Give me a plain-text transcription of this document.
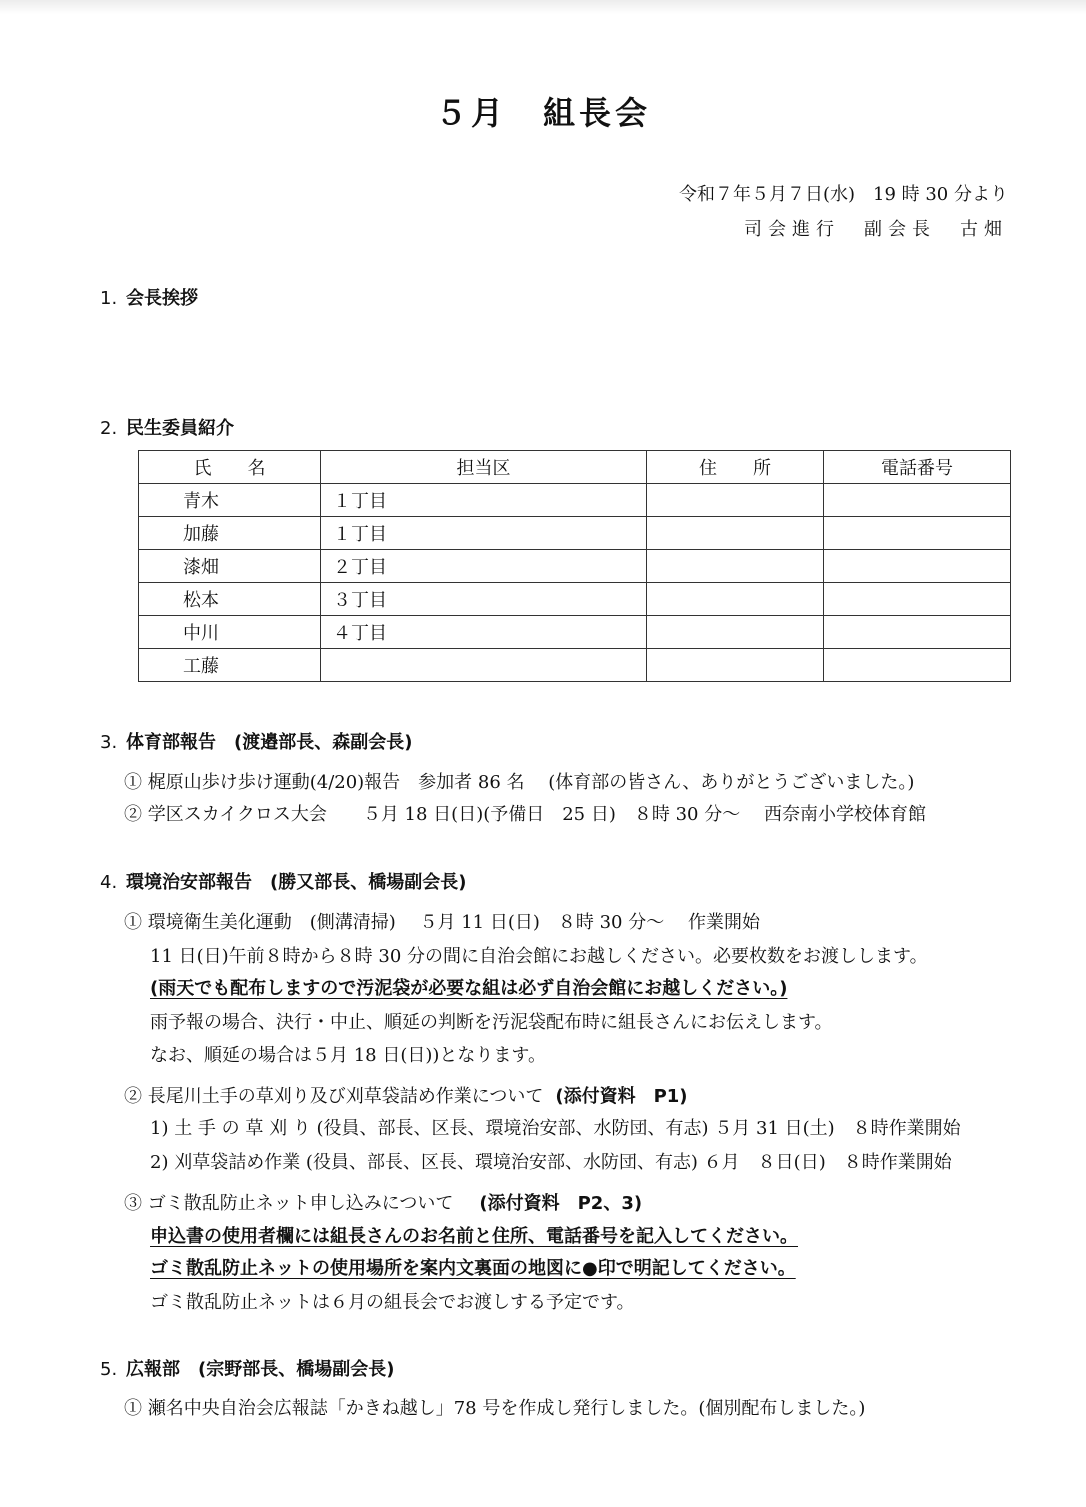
５月　組長会
令和７年５月７日(水)　19 時 30 分より
司会進行　副会長　古畑
1. 会長挨拶
2. 民生委員紹介
氏　　名	担当区	住　　所	電話番号
青木	１丁目		
加藤	１丁目		
漆畑	２丁目		
松本	３丁目		
中川	４丁目		
工藤			
3. 体育部報告　(渡邉部長、森副会長)
① 梶原山歩け歩け運動(4/20)報告　参加者 86 名　 (体育部の皆さん、ありがとうございました。)
② 学区スカイクロス大会　　５月 18 日(日)(予備日　25 日)　８時 30 分～　 西奈南小学校体育館
4. 環境治安部報告　(勝又部長、橋場副会長)
① 環境衛生美化運動　(側溝清掃)　 ５月 11 日(日)　８時 30 分～　 作業開始
11 日(日)午前８時から８時 30 分の間に自治会館にお越しください。必要枚数をお渡しします。
(雨天でも配布しますので汚泥袋が必要な組は必ず自治会館にお越しください。)
雨予報の場合、決行・中止、順延の判断を汚泥袋配布時に組長さんにお伝えします。
なお、順延の場合は５月 18 日(日))となります。
② 長尾川土手の草刈り及び刈草袋詰め作業について (添付資料　P1)
1) 土 手 の 草 刈 り (役員、部長、区長、環境治安部、水防団、有志) ５月 31 日(土)　８時作業開始
2) 刈草袋詰め作業 (役員、部長、区長、環境治安部、水防団、有志) ６月　８日(日)　８時作業開始
③ ゴミ散乱防止ネット申し込みについて (添付資料　P2、3)
申込書の使用者欄には組長さんのお名前と住所、電話番号を記入してください。
ゴミ散乱防止ネットの使用場所を案内文裏面の地図に●印で明記してください。
ゴミ散乱防止ネットは６月の組長会でお渡しする予定です。
5. 広報部　(宗野部長、橋場副会長)
① 瀬名中央自治会広報誌「かきね越し」78 号を作成し発行しました。(個別配布しました。)
